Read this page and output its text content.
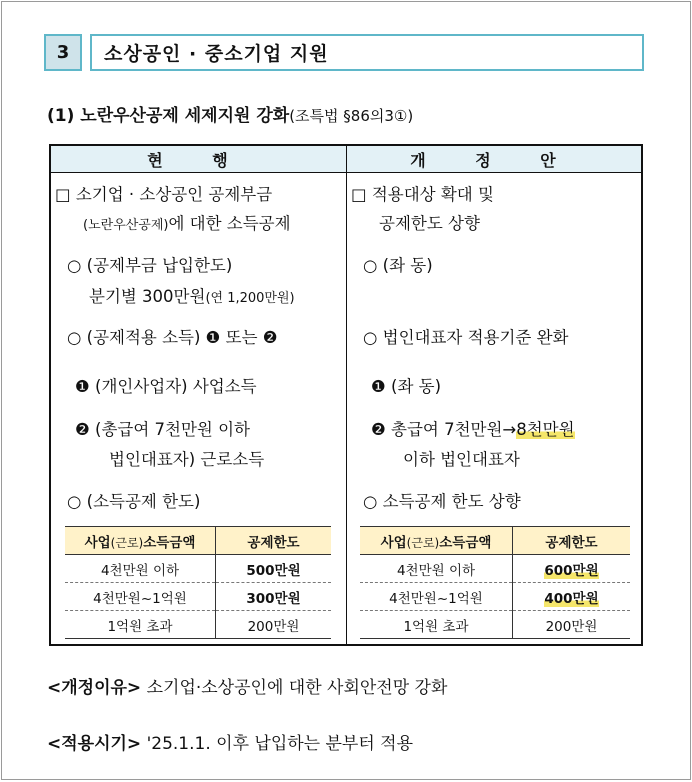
3	소상공인 · 중소기업 지원
(1) 노란우산공제 세제지원 강화(조특법 §86의3①)
현 행	개 정 안
□ 소기업 · 소상공인 공제부금
(노란우산공제)에 대한 소득공제
○ (공제부금 납입한도)
분기별 300만원(연 1,200만원)
○ (공제적용 소득) ❶ 또는 ❷
❶ (개인사업자) 사업소득
❷ (총급여 7천만원 이하
법인대표자) 근로소득
○ (소득공제 한도)
사업(근로)소득금액	공제한도
4천만원 이하	500만원
4천만원~1억원	300만원
1억원 초과	200만원
□ 적용대상 확대 및
공제한도 상향
○ (좌 동)
○ 법인대표자 적용기준 완화
❶ (좌 동)
❷ 총급여 7천만원→8천만원
이하 법인대표자
○ 소득공제 한도 상향
사업(근로)소득금액	공제한도
4천만원 이하	600만원
4천만원~1억원	400만원
1억원 초과	200만원
<개정이유> 소기업·소상공인에 대한 사회안전망 강화
<적용시기> '25.1.1. 이후 납입하는 분부터 적용
